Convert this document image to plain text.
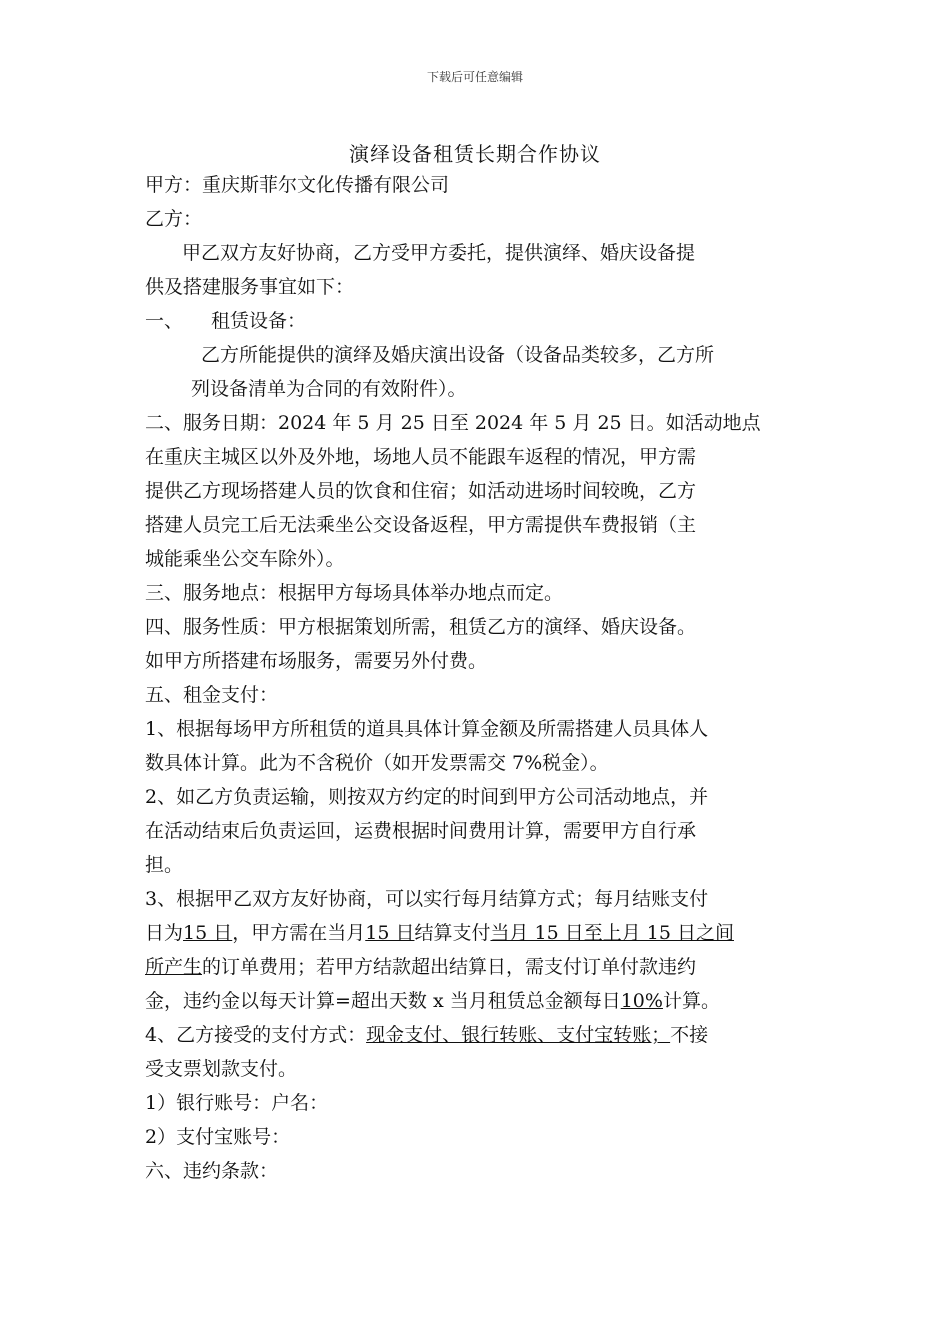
下载后可任意编辑
演绎设备租赁长期合作协议
甲方：重庆斯菲尔文化传播有限公司
乙方：
甲乙双方友好协商，乙方受甲方委托，提供演绎、婚庆设备提
供及搭建服务事宜如下：
一、 租赁设备：
乙方所能提供的演绎及婚庆演出设备（设备品类较多，乙方所
列设备清单为合同的有效附件）。
二、服务日期：2024 年 5 月 25 日至 2024 年 5 月 25 日。如活动地点
在重庆主城区以外及外地，场地人员不能跟车返程的情况，甲方需
提供乙方现场搭建人员的饮食和住宿；如活动进场时间较晚，乙方
搭建人员完工后无法乘坐公交设备返程，甲方需提供车费报销（主
城能乘坐公交车除外）。
三、服务地点：根据甲方每场具体举办地点而定。
四、服务性质：甲方根据策划所需，租赁乙方的演绎、婚庆设备。
如甲方所搭建布场服务，需要另外付费。
五、租金支付：
1、根据每场甲方所租赁的道具具体计算金额及所需搭建人员具体人
数具体计算。此为不含税价（如开发票需交 7%税金）。
2、如乙方负责运输，则按双方约定的时间到甲方公司活动地点，并
在活动结束后负责运回，运费根据时间费用计算，需要甲方自行承
担。
3、根据甲乙双方友好协商，可以实行每月结算方式；每月结账支付
日为15 日，甲方需在当月15 日结算支付当月 15 日至上月 15 日之间
所产生的订单费用；若甲方结款超出结算日，需支付订单付款违约
金，违约金以每天计算=超出天数 x 当月租赁总金额每日10%计算。
4、乙方接受的支付方式：现金支付、银行转账、支付宝转账；不接
受支票划款支付。
1）银行账号：户名：
2）支付宝账号：
六、违约条款：
